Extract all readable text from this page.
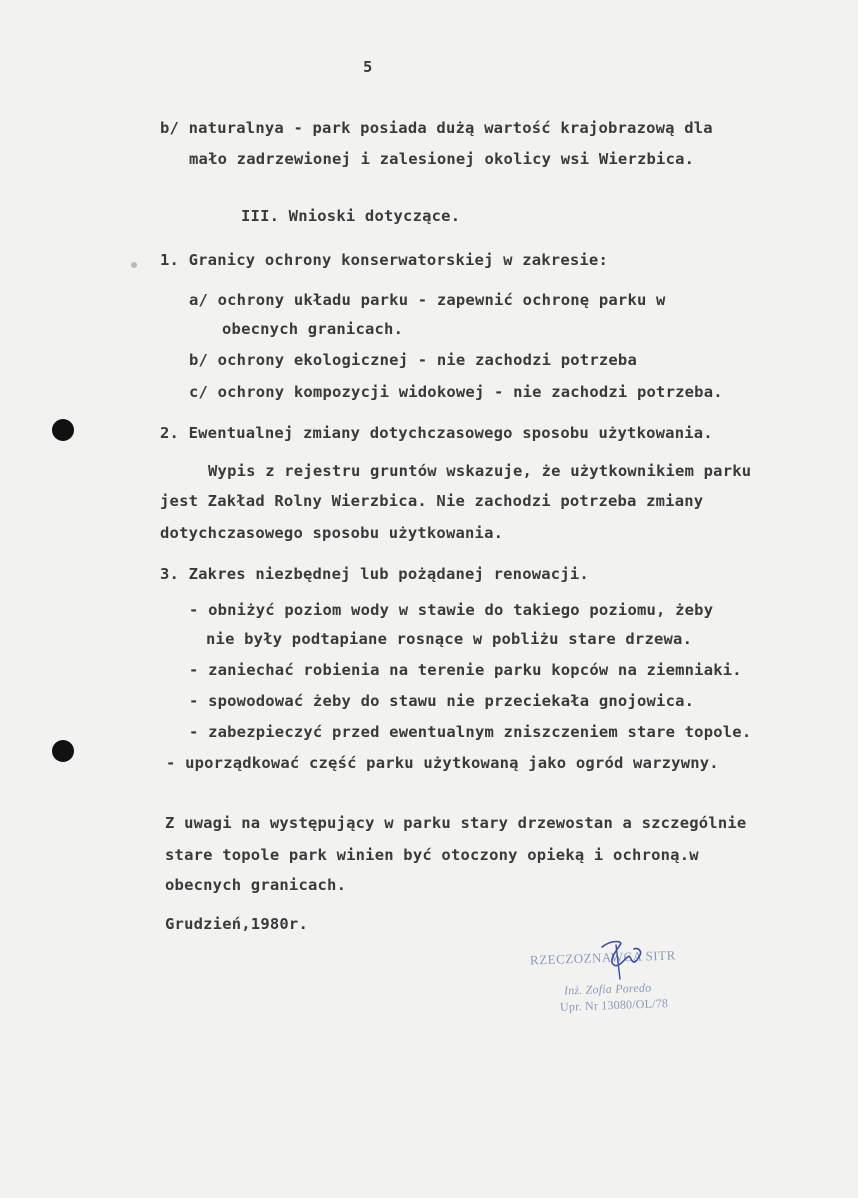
5
b/ naturalnya - park posiada dużą wartość krajobrazową dla
mało zadrzewionej i zalesionej okolicy wsi Wierzbica.
III. Wnioski dotyczące.
1. Granicy ochrony konserwatorskiej w zakresie:
a/ ochrony układu parku - zapewnić ochronę parku w
obecnych granicach.
b/ ochrony ekologicznej - nie zachodzi potrzeba
c/ ochrony kompozycji widokowej - nie zachodzi potrzeba.
2. Ewentualnej zmiany dotychczasowego sposobu użytkowania.
Wypis z rejestru gruntów wskazuje, że użytkownikiem parku
jest Zakład Rolny Wierzbica. Nie zachodzi potrzeba zmiany
dotychczasowego sposobu użytkowania.
3. Zakres niezbędnej lub pożądanej renowacji.
- obniżyć poziom wody w stawie do takiego poziomu, żeby
nie były podtapiane rosnące w pobliżu stare drzewa.
- zaniechać robienia na terenie parku kopców na ziemniaki.
- spowodować żeby do stawu nie przeciekała gnojowica.
- zabezpieczyć przed ewentualnym zniszczeniem stare topole.
- uporządkować część parku użytkowaną jako ogród warzywny.
Z uwagi na występujący w parku stary drzewostan a szczególnie
stare topole park winien być otoczony opieką i ochroną.w
obecnych granicach.
Grudzień,1980r.
RZECZOZNAWCA SITR
Inż. Zofia Poredo
Upr. Nr 13080/OL/78
